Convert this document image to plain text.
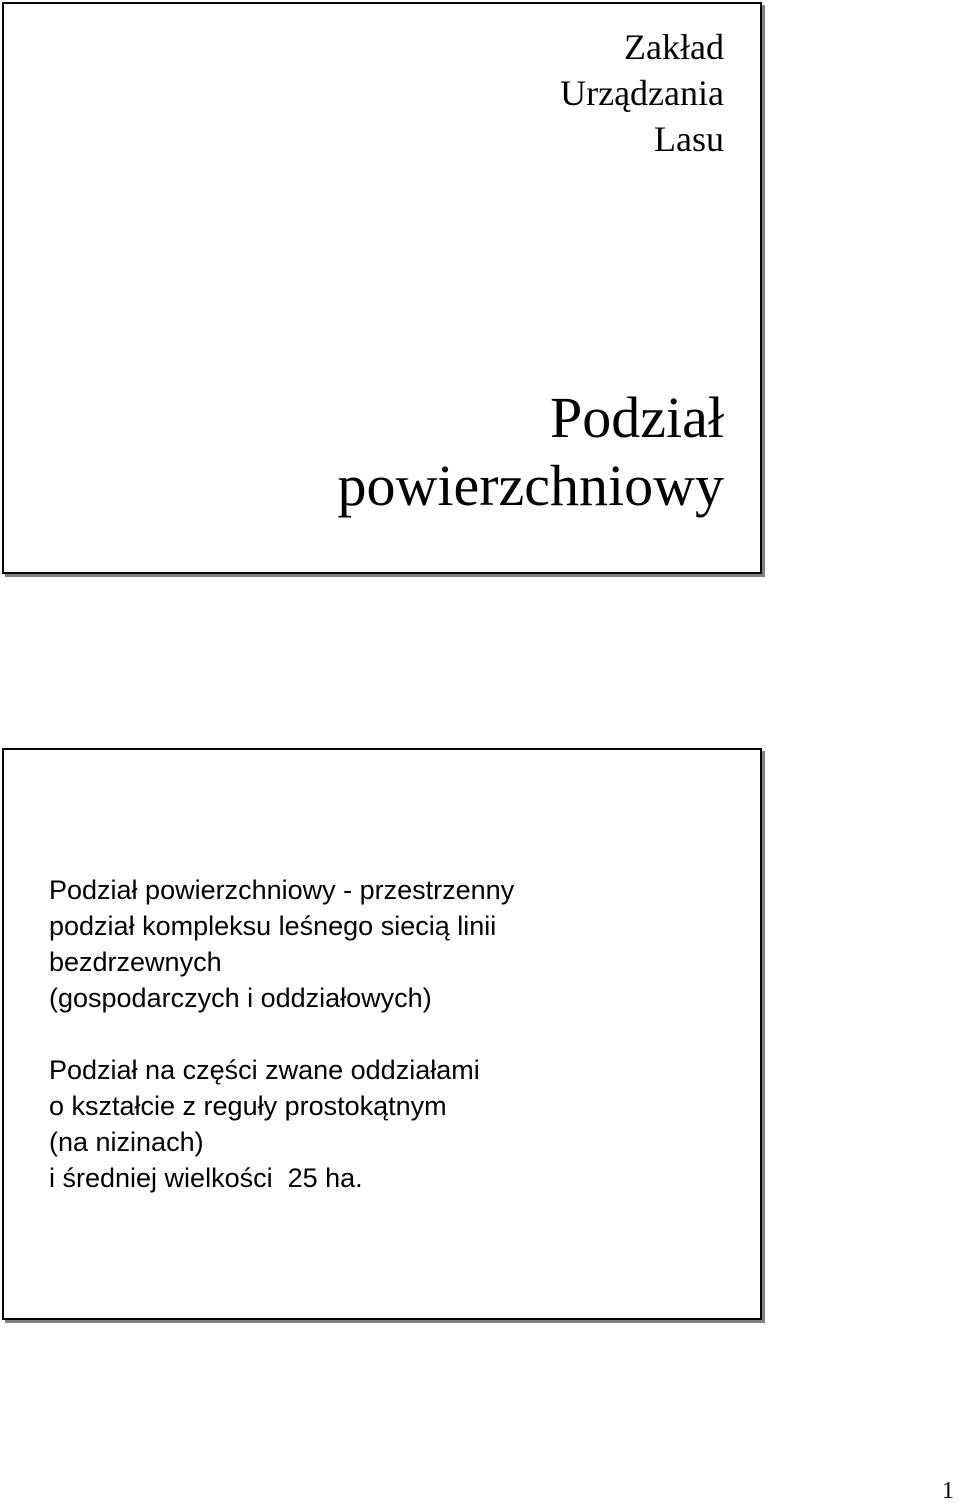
Zakład
Urządzania
Lasu
Podział
powierzchniowy
Podział powierzchniowy - przestrzenny
podział kompleksu leśnego siecią linii
bezdrzewnych
(gospodarczych i oddziałowych)
Podział na części zwane oddziałami
o kształcie z reguły prostokątnym
(na nizinach)
i średniej wielkości  25 ha.
1
